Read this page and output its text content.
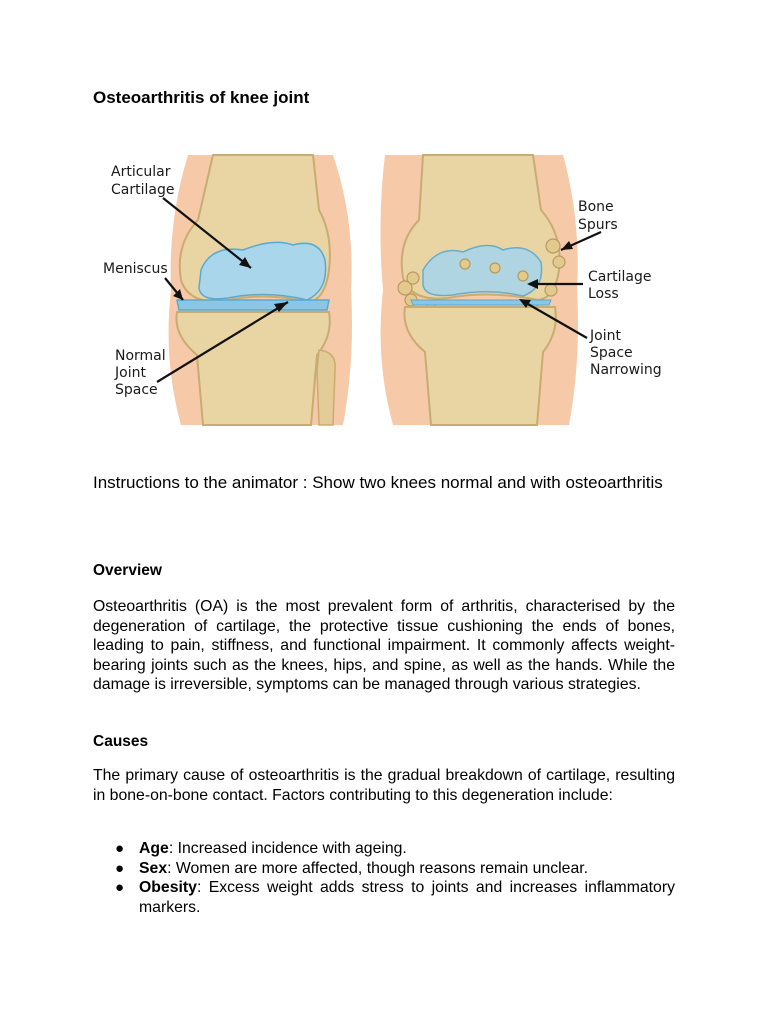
Osteoarthritis of knee joint
Articular
Cartilage
Meniscus
Normal
Joint
Space
Bone
Spurs
Cartilage
Loss
Joint
Space
Narrowing

Instructions to the animator : Show two knees normal and with osteoarthritis

Overview

Osteoarthritis (OA) is the most prevalent form of arthritis, characterised by the degeneration of cartilage, the protective tissue cushioning the ends of bones, leading to pain, stiffness, and functional impairment. It commonly affects weight-bearing joints such as the knees, hips, and spine, as well as the hands. While the damage is irreversible, symptoms can be managed through various strategies.

Causes

The primary cause of osteoarthritis is the gradual breakdown of cartilage, resulting in bone-on-bone contact. Factors contributing to this degeneration include:

● Age: Increased incidence with ageing.
● Sex: Women are more affected, though reasons remain unclear.
● Obesity: Excess weight adds stress to joints and increases inflammatory markers.
